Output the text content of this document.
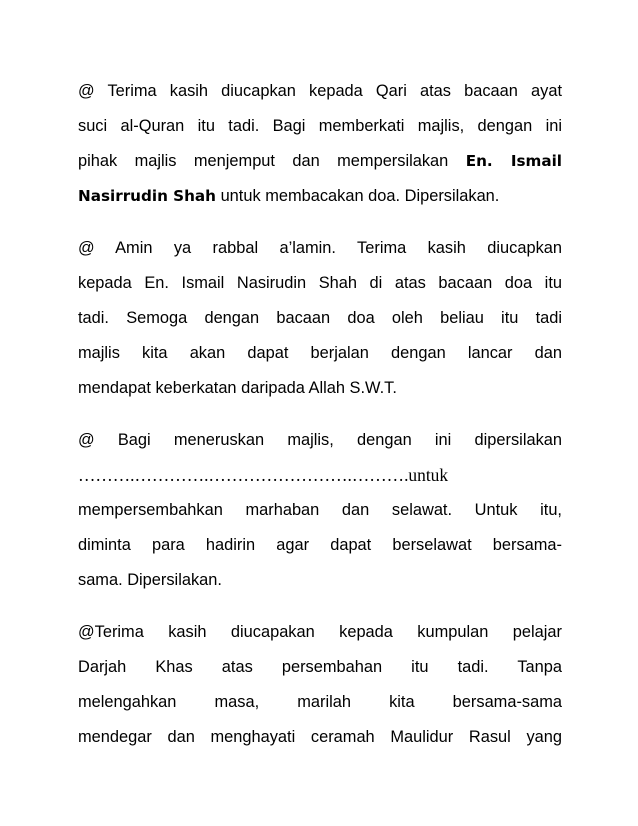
@ Terima kasih diucapkan kepada Qari atas bacaan ayat
suci al-Quran itu tadi. Bagi memberkati majlis, dengan ini
pihak majlis menjemput dan mempersilakan En. Ismail
Nasirrudin Shah untuk membacakan doa. Dipersilakan.
@ Amin ya rabbal a’lamin. Terima kasih diucapkan
kepada En. Ismail Nasirudin Shah di atas bacaan doa itu
tadi. Semoga dengan bacaan doa oleh beliau itu tadi
majlis kita akan dapat berjalan dengan lancar dan
mendapat keberkatan daripada Allah S.W.T.
@ Bagi meneruskan majlis, dengan ini dipersilakan
……….………….…………………….……….untuk
mempersembahkan marhaban dan selawat. Untuk itu,
diminta para hadirin agar dapat berselawat bersama-
sama. Dipersilakan.
@Terima kasih diucapakan kepada kumpulan pelajar
Darjah Khas atas persembahan itu tadi. Tanpa
melengahkan masa, marilah kita bersama-sama
mendegar dan menghayati ceramah Maulidur Rasul yang
